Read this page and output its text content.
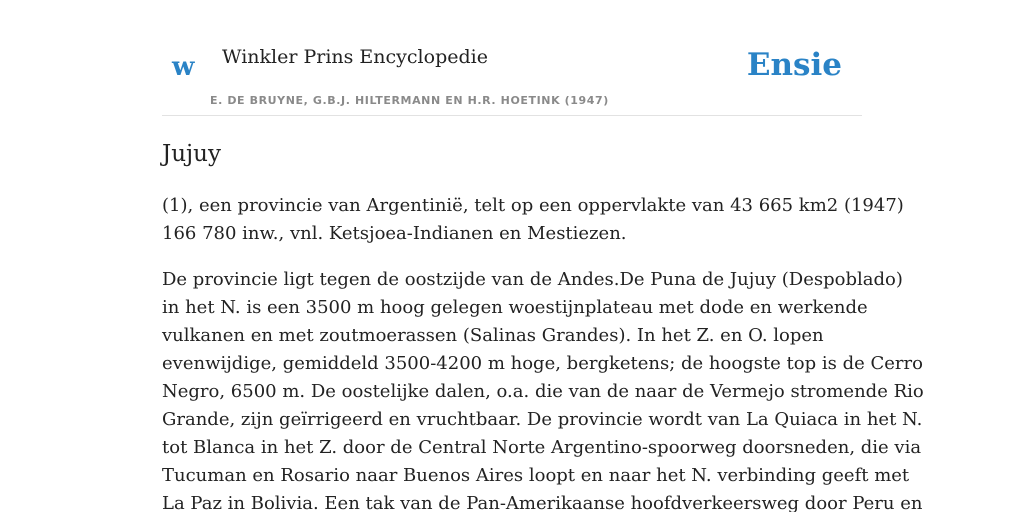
w Winkler Prins Encyclopedie
E. DE BRUYNE, G.B.J. HILTERMANN EN H.R. HOETINK (1947)
Ensie
Jujuy

(1), een provincie van Argentinië, telt op een oppervlakte van 43 665 km2 (1947)
166 780 inw., vnl. Ketsjoea-Indianen en Mestiezen.

De provincie ligt tegen de oostzijde van de Andes.De Puna de Jujuy (Despoblado)
in het N. is een 3500 m hoog gelegen woestijnplateau met dode en werkende
vulkanen en met zoutmoerassen (Salinas Grandes). In het Z. en O. lopen
evenwijdige, gemiddeld 3500-4200 m hoge, bergketens; de hoogste top is de Cerro
Negro, 6500 m. De oostelijke dalen, o.a. die van de naar de Vermejo stromende Rio
Grande, zijn geïrrigeerd en vruchtbaar. De provincie wordt van La Quiaca in het N.
tot Blanca in het Z. door de Central Norte Argentino-spoorweg doorsneden, die via
Tucuman en Rosario naar Buenos Aires loopt en naar het N. verbinding geeft met
La Paz in Bolivia. Een tak van de Pan-Amerikaanse hoofdverkeersweg door Peru en
